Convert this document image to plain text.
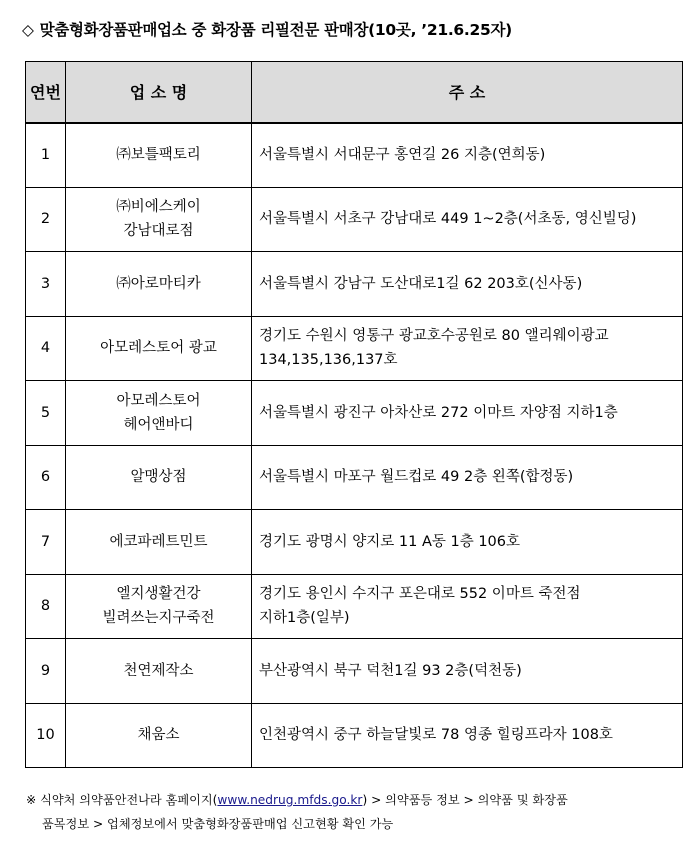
◇ 맞춤형화장품판매업소 중 화장품 리필전문 판매장(10곳, ’21.6.25자)
연번	업 소 명	주 소
1	㈜보틀팩토리	서울특별시 서대문구 홍연길 26 지층(연희동)

2	㈜비에스케이
강남대로점	서울특별시 서초구 강남대로 449 1~2층(서초동, 영신빌딩)

3	㈜아로마티카	서울특별시 강남구 도산대로1길 62 203호(신사동)

4	아모레스토어 광교	경기도 수원시 영통구 광교호수공원로 80 앨리웨이광교
134,135,136,137호

5	아모레스토어
헤어앤바디	서울특별시 광진구 아차산로 272 이마트 자양점 지하1층

6	알맹상점	서울특별시 마포구 월드컵로 49 2층 왼쪽(합정동)

7	에코파레트민트	경기도 광명시 양지로 11 A동 1층 106호

8	엘지생활건강
빌려쓰는지구죽전	경기도 용인시 수지구 포은대로 552 이마트 죽전점
지하1층(일부)

9	천연제작소	부산광역시 북구 덕천1길 93 2층(덕천동)

10	채움소	인천광역시 중구 하늘달빛로 78 영종 힐링프라자 108호
※ 식약처 의약품안전나라 홈페이지(www.nedrug.mfds.go.kr) > 의약품등 정보 > 의약품 및 화장품
품목정보 > 업체정보에서 맞춤형화장품판매업 신고현황 확인 가능
